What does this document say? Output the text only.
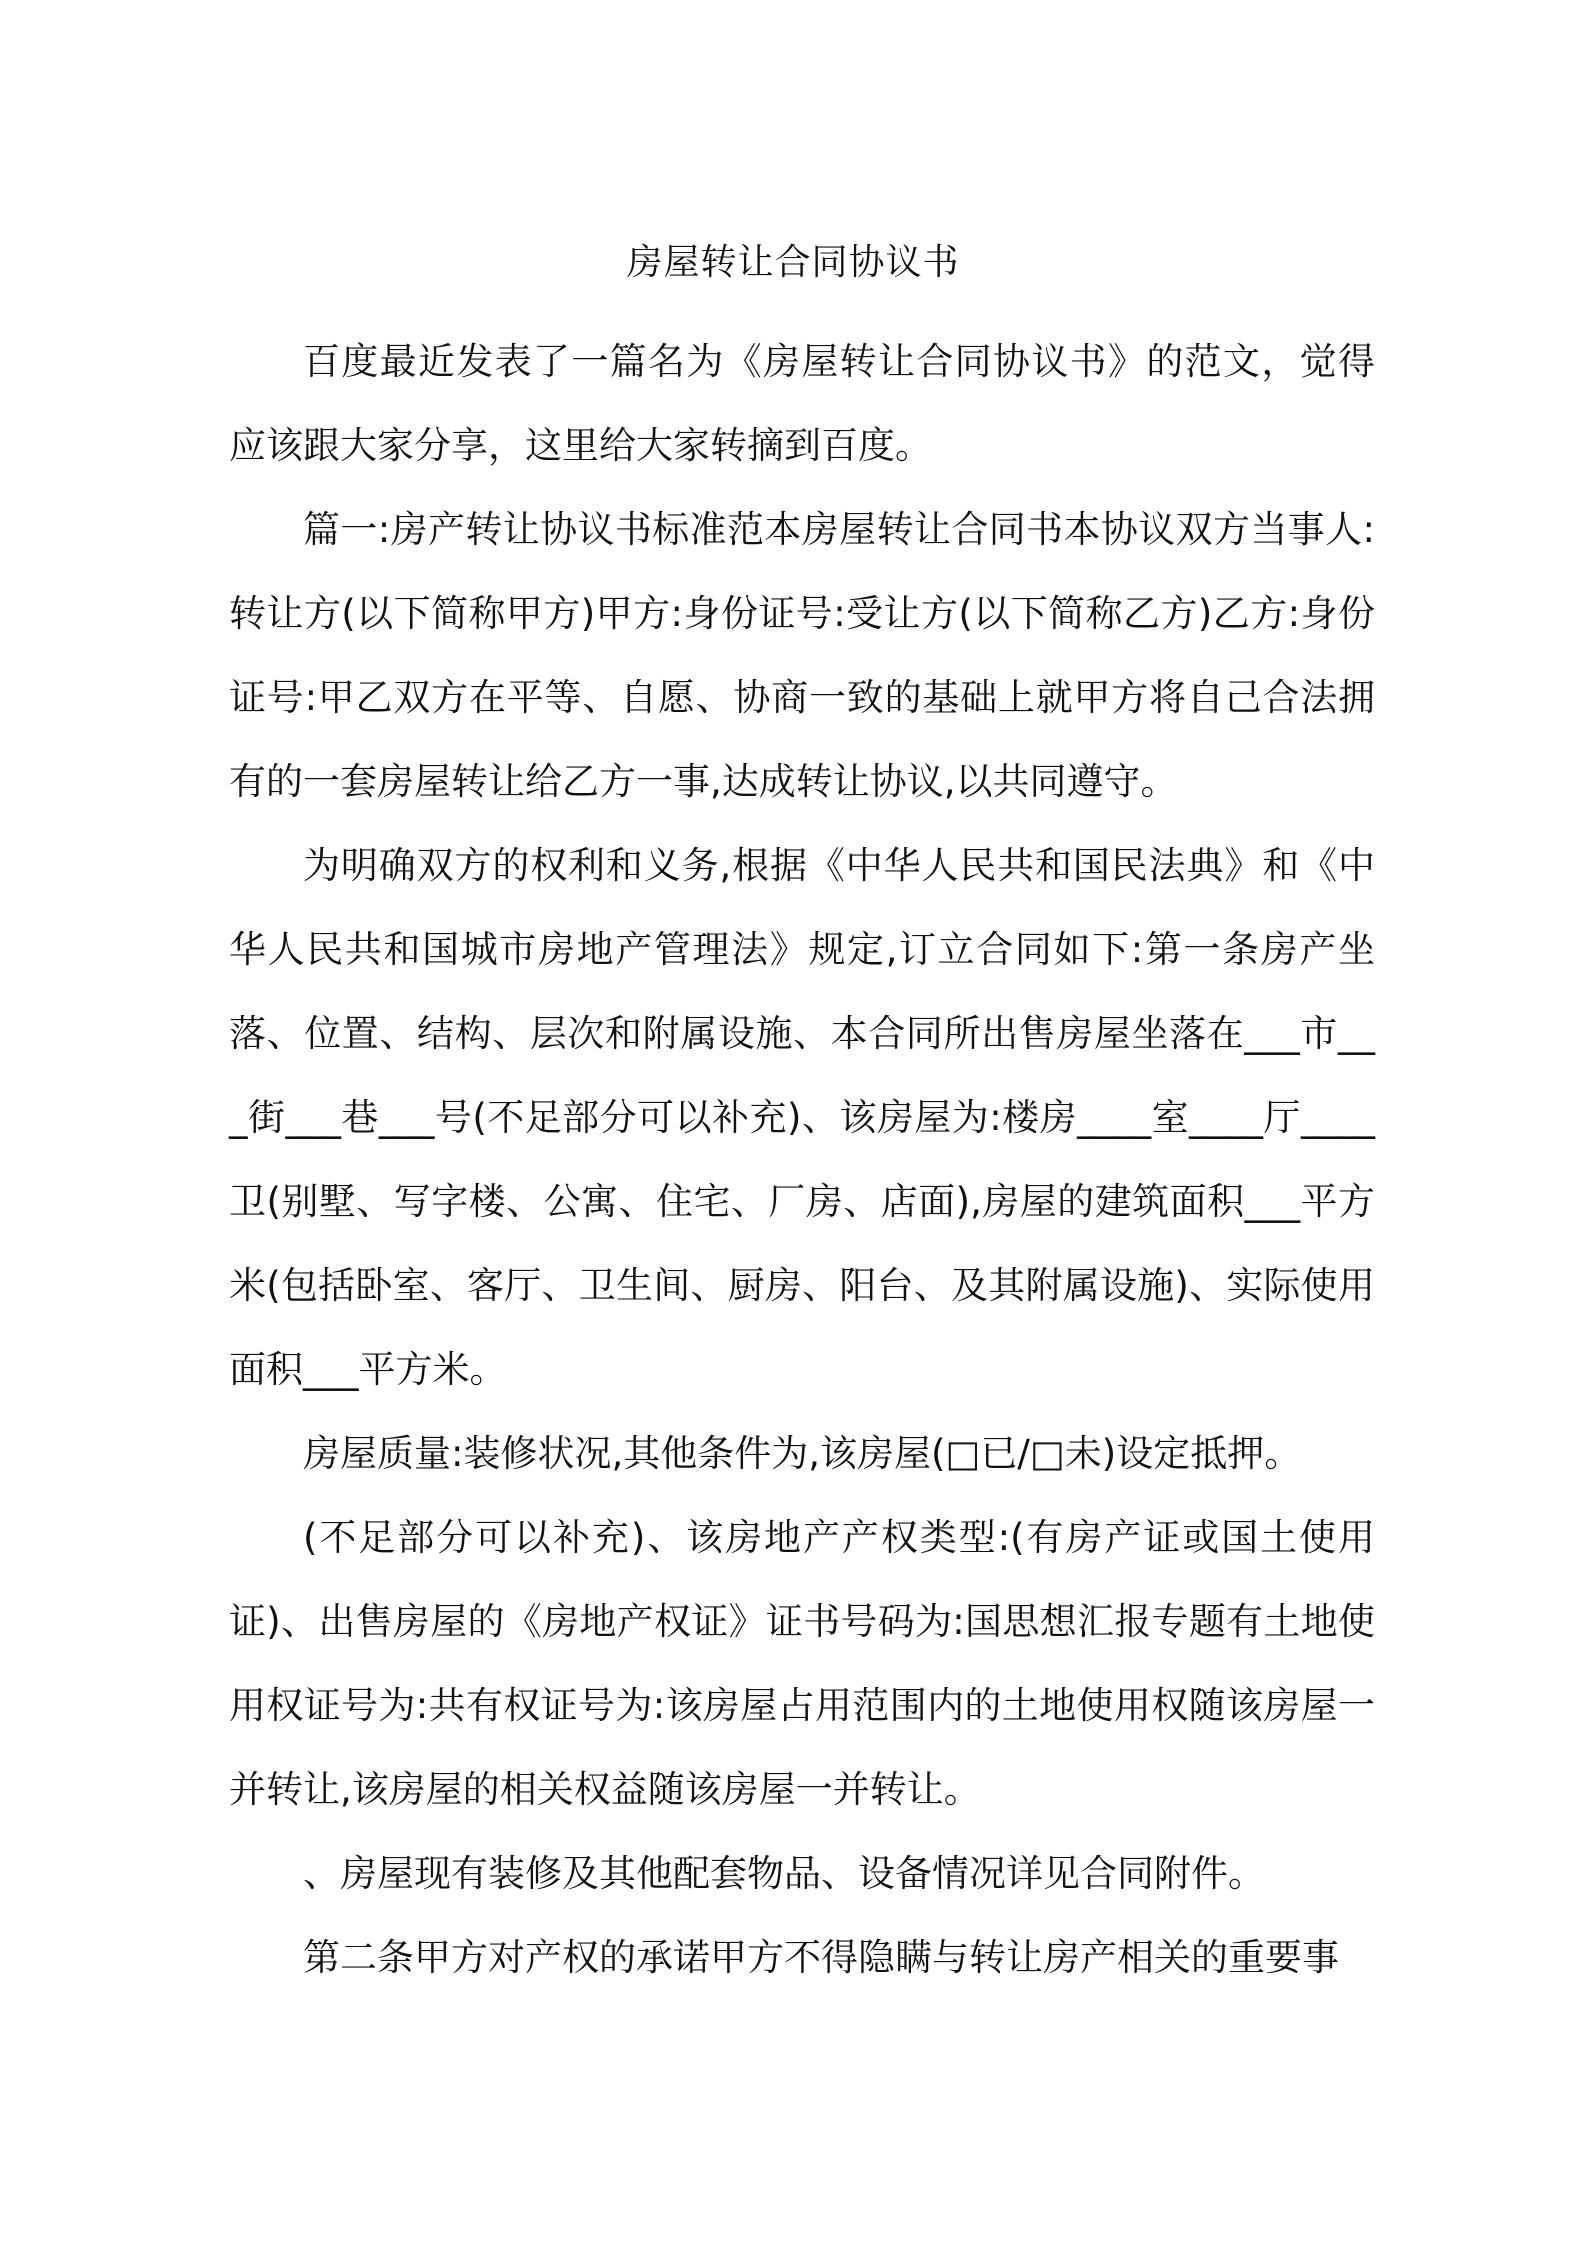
房屋转让合同协议书

百度最近发表了一篇名为《房屋转让合同协议书》的范文，觉得应该跟大家分享，这里给大家转摘到百度。

篇一:房产转让协议书标准范本房屋转让合同书本协议双方当事人:转让方(以下简称甲方)甲方:身份证号:受让方(以下简称乙方)乙方:身份证号:甲乙双方在平等、自愿、协商一致的基础上就甲方将自己合法拥有的一套房屋转让给乙方一事,达成转让协议,以共同遵守。

为明确双方的权利和义务,根据《中华人民共和国民法典》和《中华人民共和国城市房地产管理法》规定,订立合同如下:第一条房产坐落、位置、结构、层次和附属设施、本合同所出售房屋坐落在___市___街___巷___号(不足部分可以补充)、该房屋为:楼房____室____厅____卫(别墅、写字楼、公寓、住宅、厂房、店面),房屋的建筑面积___平方米(包括卧室、客厅、卫生间、厨房、阳台、及其附属设施)、实际使用面积___平方米。

房屋质量:装修状况,其他条件为,该房屋(□已/□未)设定抵押。

(不足部分可以补充)、该房地产产权类型:(有房产证或国土使用证)、出售房屋的《房地产权证》证书号码为:国思想汇报专题有土地使用权证号为:共有权证号为:该房屋占用范围内的土地使用权随该房屋一并转让,该房屋的相关权益随该房屋一并转让。

、房屋现有装修及其他配套物品、设备情况详见合同附件。

第二条甲方对产权的承诺甲方不得隐瞒与转让房产相关的重要事
